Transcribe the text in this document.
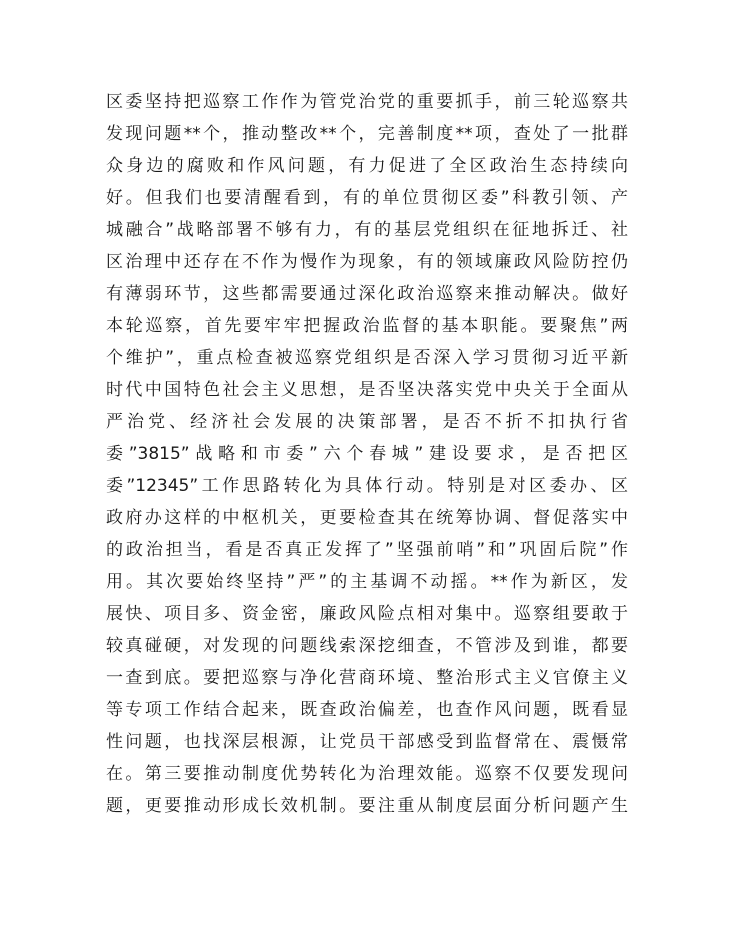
区委坚持把巡察工作作为管党治党的重要抓手，前三轮巡察共
发现问题**个，推动整改**个，完善制度**项，查处了一批群
众身边的腐败和作风问题，有力促进了全区政治生态持续向
好。但我们也要清醒看到，有的单位贯彻区委”科教引领、产
城融合”战略部署不够有力，有的基层党组织在征地拆迁、社
区治理中还存在不作为慢作为现象，有的领域廉政风险防控仍
有薄弱环节，这些都需要通过深化政治巡察来推动解决。做好
本轮巡察，首先要牢牢把握政治监督的基本职能。要聚焦”两
个维护”，重点检查被巡察党组织是否深入学习贯彻习近平新
时代中国特色社会主义思想，是否坚决落实党中央关于全面从
严治党、经济社会发展的决策部署，是否不折不扣执行省
委”3815”战略和市委”六个春城”建设要求，是否把区
委”12345”工作思路转化为具体行动。特别是对区委办、区
政府办这样的中枢机关，更要检查其在统筹协调、督促落实中
的政治担当，看是否真正发挥了”坚强前哨”和”巩固后院”作
用。其次要始终坚持”严”的主基调不动摇。**作为新区，发
展快、项目多、资金密，廉政风险点相对集中。巡察组要敢于
较真碰硬，对发现的问题线索深挖细查，不管涉及到谁，都要
一查到底。要把巡察与净化营商环境、整治形式主义官僚主义
等专项工作结合起来，既查政治偏差，也查作风问题，既看显
性问题，也找深层根源，让党员干部感受到监督常在、震慑常
在。第三要推动制度优势转化为治理效能。巡察不仅要发现问
题，更要推动形成长效机制。要注重从制度层面分析问题产生
